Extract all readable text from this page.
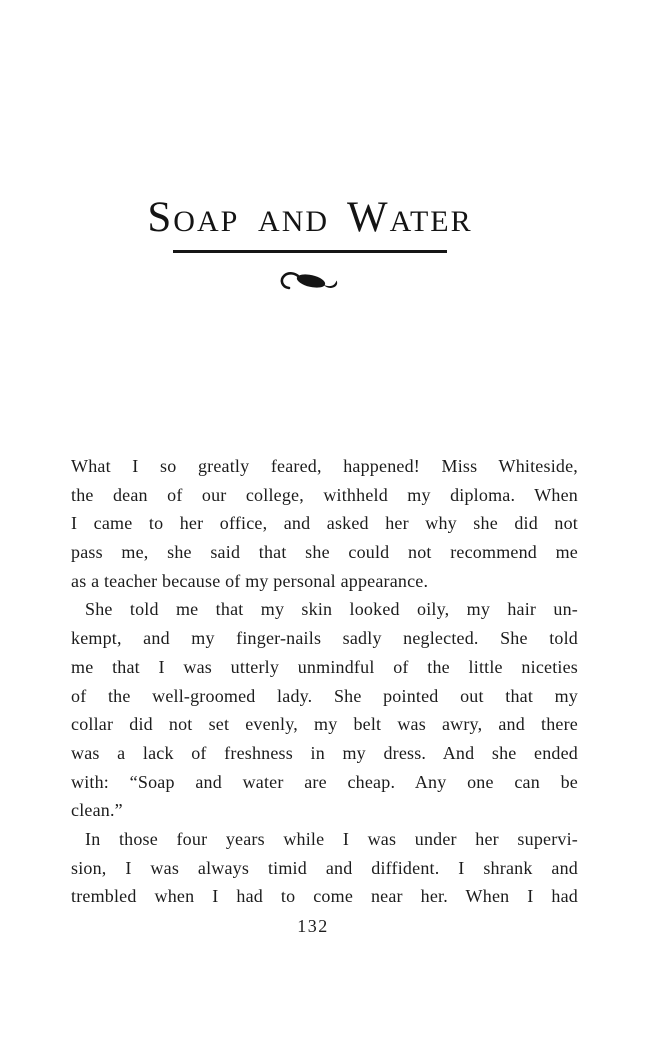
Soap and Water
What I so greatly feared, happened! Miss Whiteside,
the dean of our college, withheld my diploma. When
I came to her office, and asked her why she did not
pass me, she said that she could not recommend me
as a teacher because of my personal appearance.
She told me that my skin looked oily, my hair un-
kempt, and my finger-nails sadly neglected. She told
me that I was utterly unmindful of the little niceties
of the well-groomed lady. She pointed out that my
collar did not set evenly, my belt was awry, and there
was a lack of freshness in my dress. And she ended
with: “Soap and water are cheap. Any one can be
clean.”
In those four years while I was under her supervi-
sion, I was always timid and diffident. I shrank and
trembled when I had to come near her. When I had
132
